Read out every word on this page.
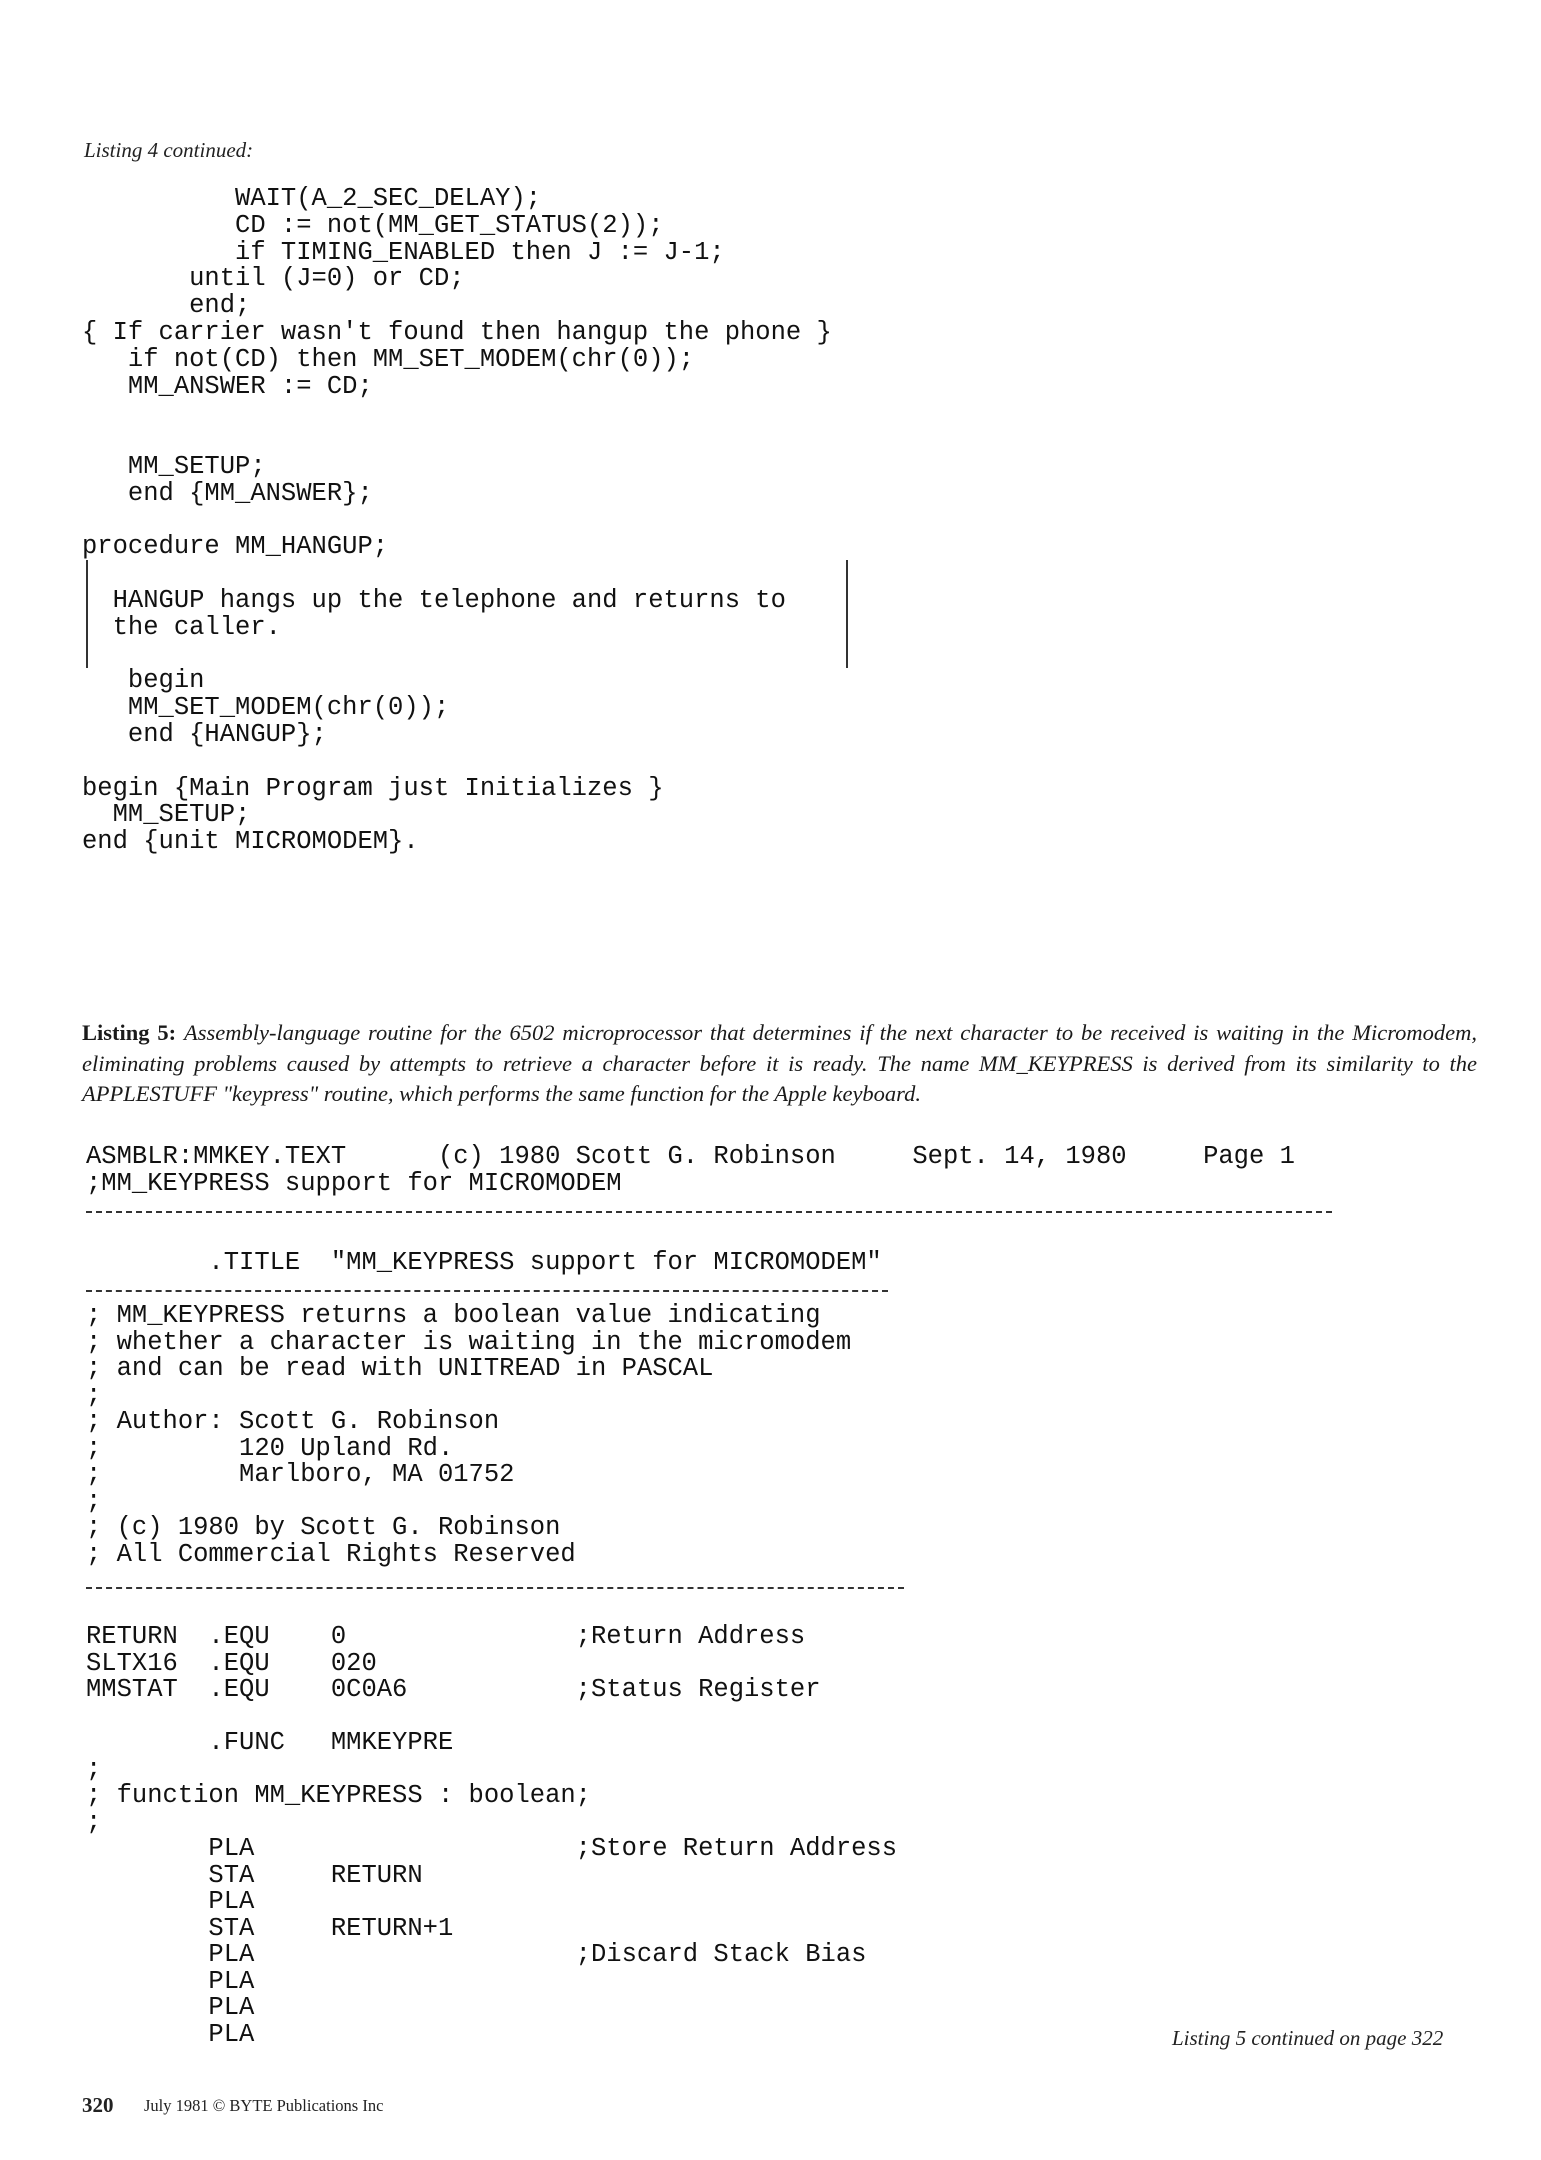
Listing 4 continued:
WAIT(A_2_SEC_DELAY);
CD := not(MM_GET_STATUS(2));
if TIMING_ENABLED then J := J-1;
until (J=0) or CD;
end;
{ If carrier wasn't found then hangup the phone }
if not(CD) then MM_SET_MODEM(chr(0));
MM_ANSWER := CD;

MM_SETUP;
end {MM_ANSWER};

procedure MM_HANGUP;

HANGUP hangs up the telephone and returns to
the caller.

begin
MM_SET_MODEM(chr(0));
end {HANGUP};

begin {Main Program just Initializes }
MM_SETUP;
end {unit MICROMODEM}.
Listing 5: Assembly-language routine for the 6502 microprocessor that determines if the next character to be received is waiting in the Micromodem, eliminating problems caused by attempts to retrieve a character before it is ready. The name MM_KEYPRESS is derived from its similarity to the APPLESTUFF "keypress" routine, which performs the same function for the Apple keyboard.
ASMBLR:MMKEY.TEXT      (c) 1980 Scott G. Robinson     Sept. 14, 1980     Page 1
;MM_KEYPRESS support for MICROMODEM
.TITLE  "MM_KEYPRESS support for MICROMODEM"
; MM_KEYPRESS returns a boolean value indicating
; whether a character is waiting in the micromodem
; and can be read with UNITREAD in PASCAL
;
; Author: Scott G. Robinson
;         120 Upland Rd.
;         Marlboro, MA 01752
;
; (c) 1980 by Scott G. Robinson
; All Commercial Rights Reserved
RETURN  .EQU    0               ;Return Address
SLTX16  .EQU    020
MMSTAT  .EQU    0C0A6           ;Status Register

.FUNC   MMKEYPRE
;
; function MM_KEYPRESS : boolean;
;
PLA                     ;Store Return Address
STA     RETURN
PLA
STA     RETURN+1
PLA                     ;Discard Stack Bias
PLA
PLA
PLA	Listing 5 continued on page 322
320 July 1981 © BYTE Publications Inc
